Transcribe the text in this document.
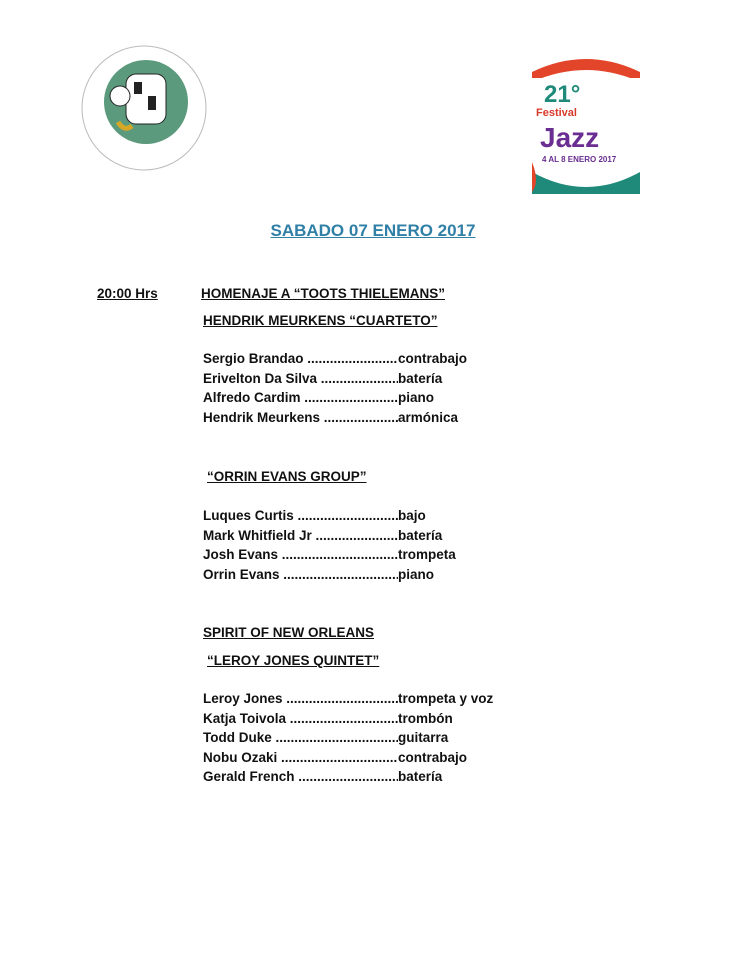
21°
Festival
Jazz
4 AL 8 ENERO 2017
SABADO 07 ENERO 2017
20:00 Hrs	HOMENAJE A “TOOTS THIELEMANS”
HENDRIK MEURKENS “CUARTETO”
Sergio Brandao .....	contrabajo
Erivelton Da Silva .....	batería
Alfredo Cardim .....	piano
Hendrik Meurkens .....	armónica
“ORRIN EVANS GROUP”
Luques Curtis .....	bajo
Mark Whitfield Jr .....	batería
Josh Evans .....	trompeta
Orrin Evans .....	piano
SPIRIT OF NEW ORLEANS
“LEROY JONES QUINTET”
Leroy Jones .....	trompeta y voz
Katja Toivola .....	trombón
Todd Duke .....	guitarra
Nobu Ozaki .....	contrabajo
Gerald French .....	batería
